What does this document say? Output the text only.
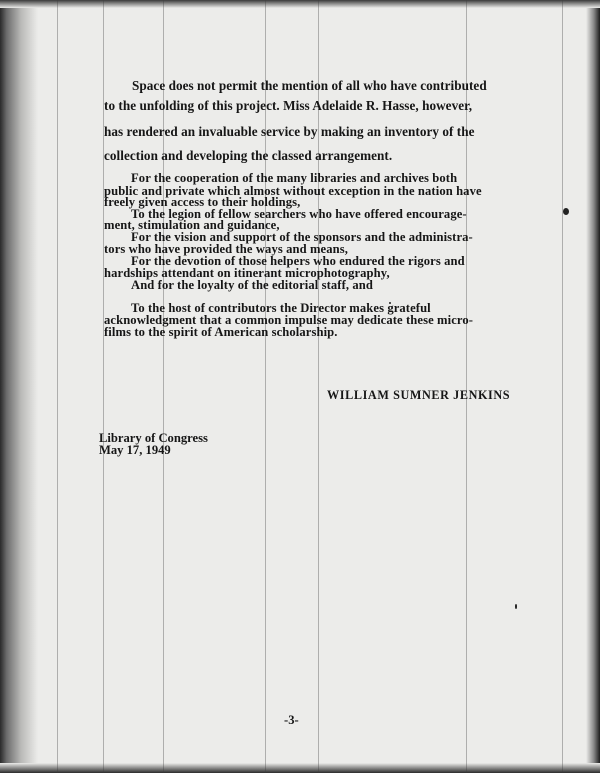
Space does not permit the mention of all who have contributed
to the unfolding of this project. Miss Adelaide R. Hasse, however,
has rendered an invaluable service by making an inventory of the
collection and developing the classed arrangement.
For the cooperation of the many libraries and archives both
public and private which almost without exception in the nation have
freely given access to their holdings,
To the legion of fellow searchers who have offered encourage-
ment, stimulation and guidance,
For the vision and support of the sponsors and the administra-
tors who have provided the ways and means,
For the devotion of those helpers who endured the rigors and
hardships attendant on itinerant microphotography,
And for the loyalty of the editorial staff, and
To the host of contributors the Director makes grateful
acknowledgment that a common impulse may dedicate these micro-
films to the spirit of American scholarship.
WILLIAM SUMNER JENKINS
Library of Congress
May 17, 1949
-3-
